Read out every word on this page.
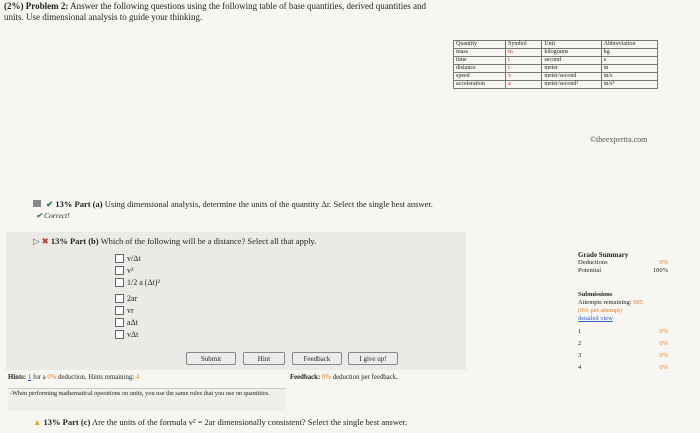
(2%) Problem 2: Answer the following questions using the following table of base quantities, derived quantities and units. Use dimensional analysis to guide your thinking.
Quantity	Symbol	Unit	Abbreviation
mass	m	kilograms	kg
time	t	second	s
distance	r	meter	m
speed	v	meter/second	m/s
acceleration	a	meter/second²	m/s²
©theexpertta.com
✔ 13% Part (a) Using dimensional analysis, determine the units of the quantity Δr. Select the single best answer.
✔ Correct!
▷ ✖ 13% Part (b) Which of the following will be a distance? Select all that apply.
v/Δt
v²
1/2 a (Δt)²
2ar
vr
aΔt
vΔt
Submit	Hint	Feedback	I give up!
Hints: 1 for a 0% deduction. Hints remaining: 4	Feedback: 0% deduction per feedback.
-When performing mathematical operations on units, you use the same rules that you use on quantities.
▲ 13% Part (c) Are the units of the formula v² = 2ar dimensionally consistent? Select the single best answer.
Grade Summary
Deductions	0%
Potential	100%
Submissions
Attempts remaining: 985
(0% per attempt)
detailed view
1	0%
2	0%
3	0%
4	0%
